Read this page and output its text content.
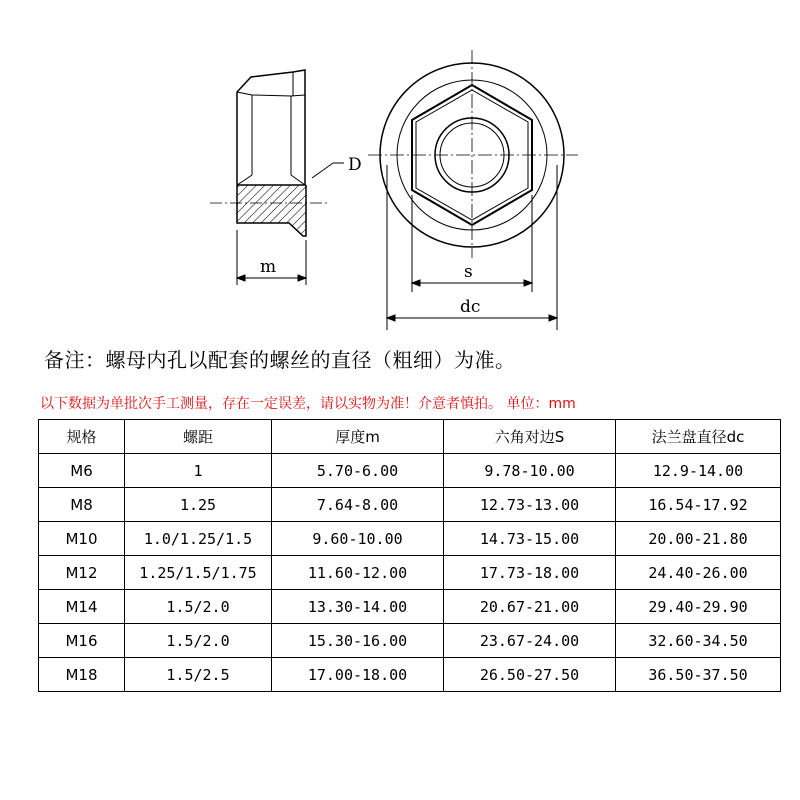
D
m	s
dc
备注：螺母内孔以配套的螺丝的直径（粗细）为准。
以下数据为单批次手工测量，存在一定误差，请以实物为准！介意者慎拍。 单位：mm
规格	螺距	厚度m	六角对边S	法兰盘直径dc
M6	1	5.70-6.00	9.78-10.00	12.9-14.00
M8	1.25	7.64-8.00	12.73-13.00	16.54-17.92
M10	1.0/1.25/1.5	9.60-10.00	14.73-15.00	20.00-21.80
M12	1.25/1.5/1.75	11.60-12.00	17.73-18.00	24.40-26.00
M14	1.5/2.0	13.30-14.00	20.67-21.00	29.40-29.90
M16	1.5/2.0	15.30-16.00	23.67-24.00	32.60-34.50
M18	1.5/2.5	17.00-18.00	26.50-27.50	36.50-37.50
